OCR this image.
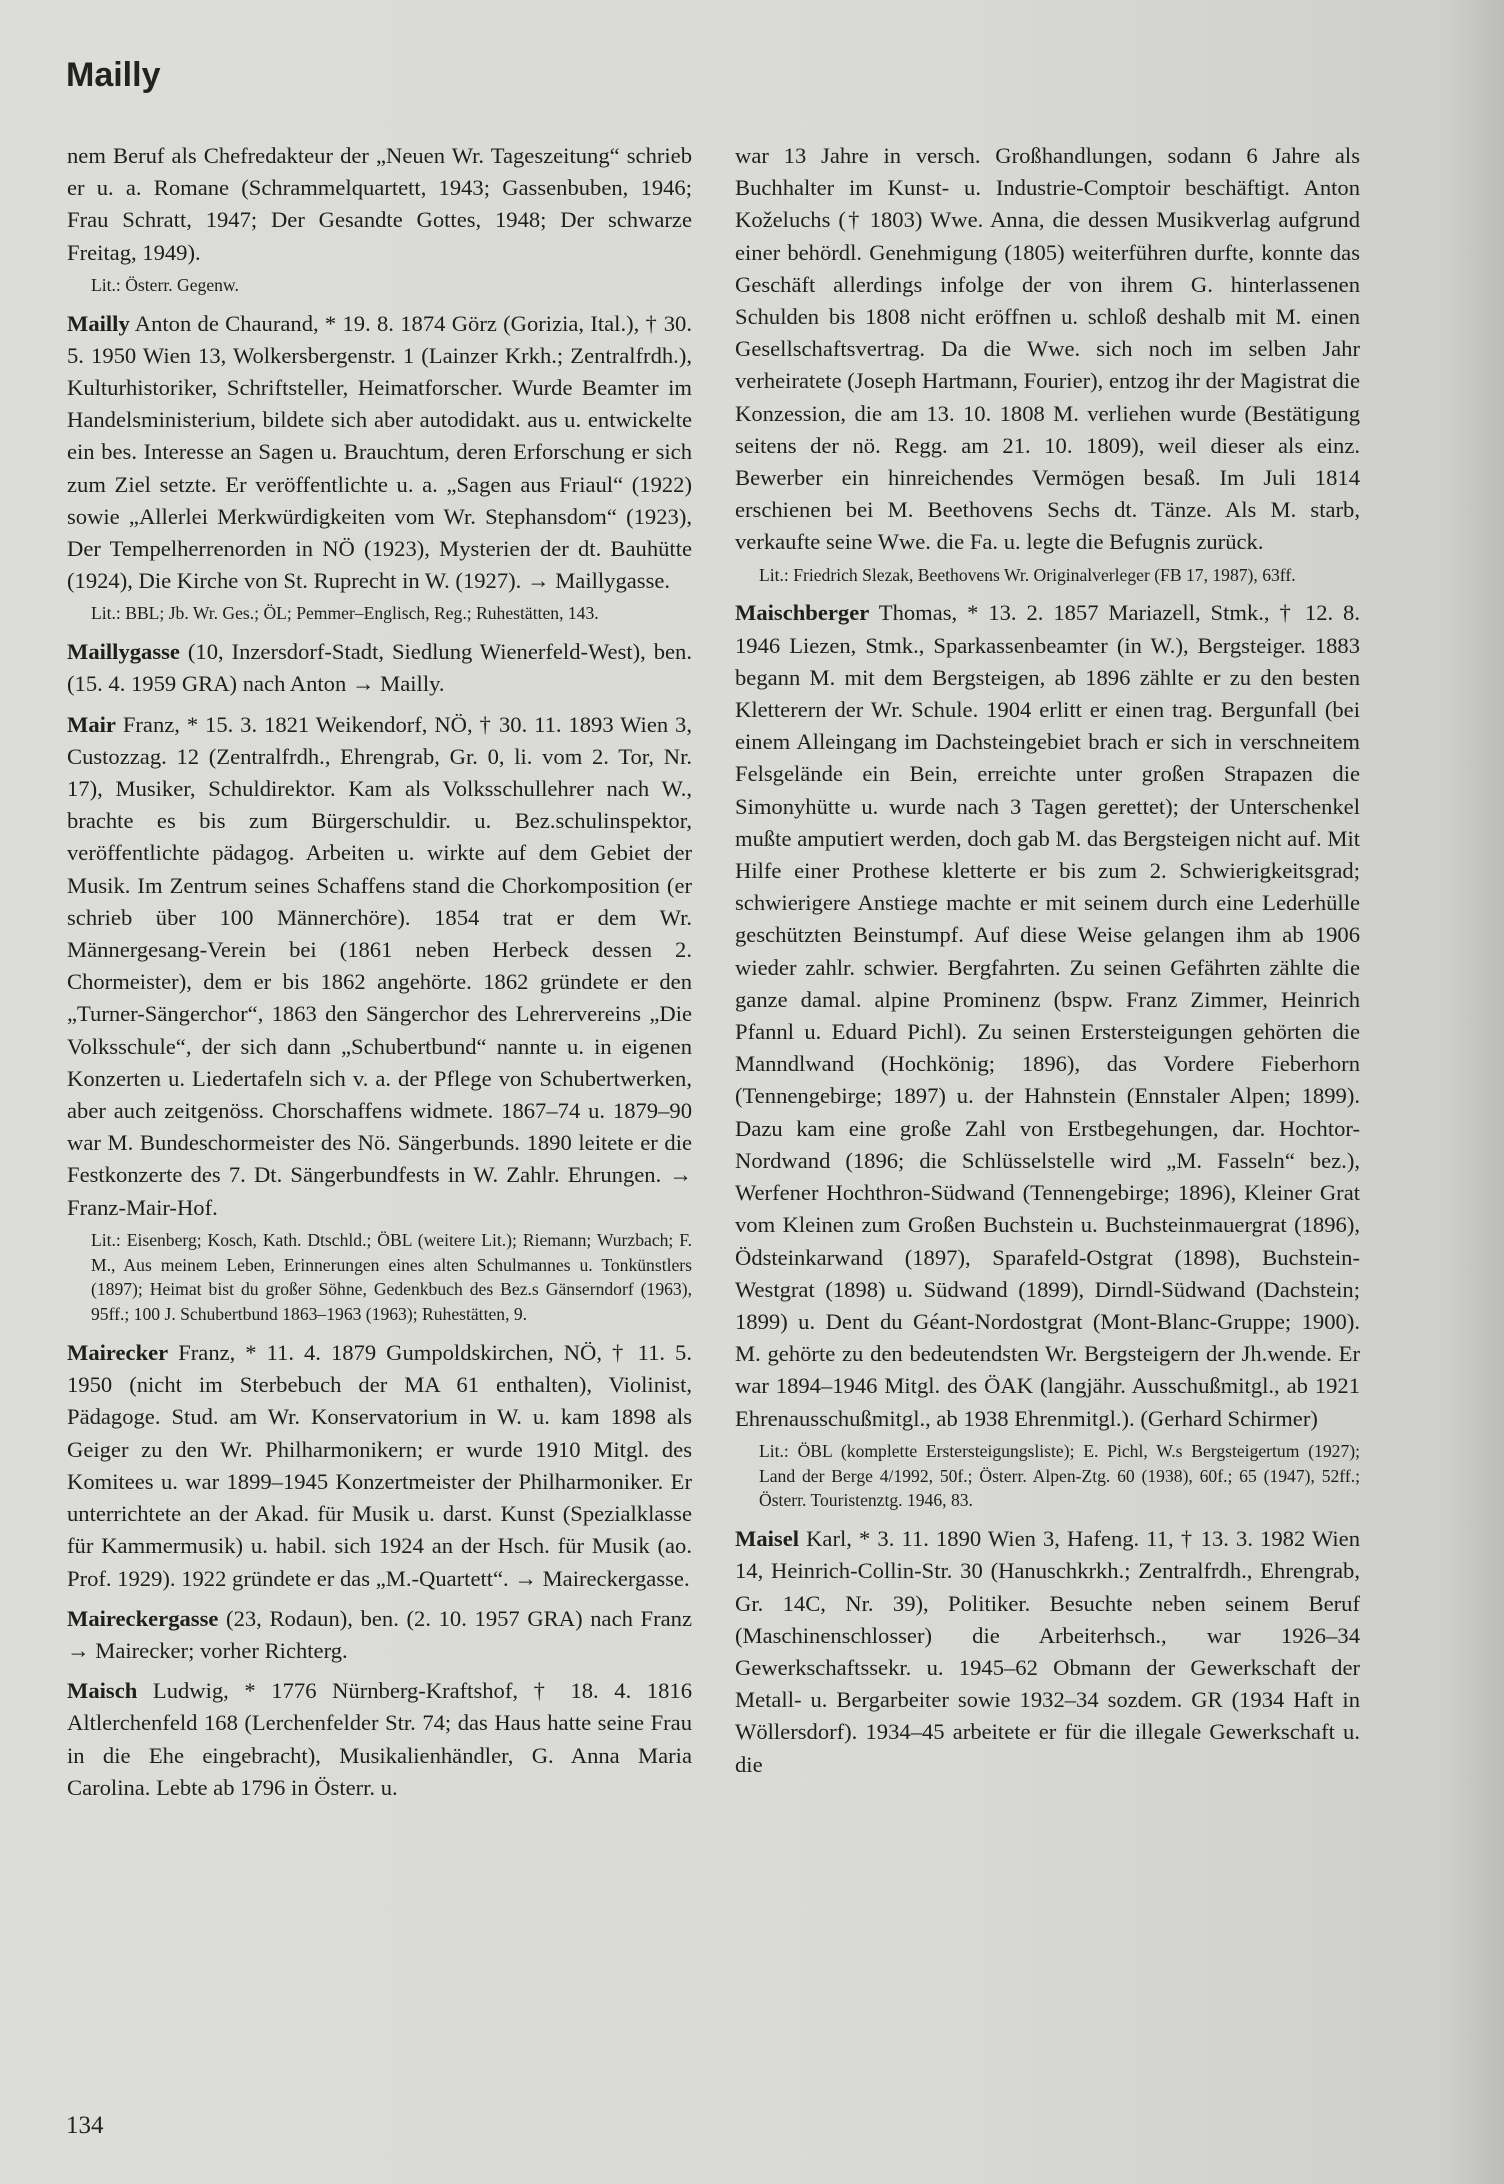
Mailly

nem Beruf als Chefredakteur der „Neuen Wr. Tageszeitung“ schrieb er u. a. Romane (Schrammelquartett, 1943; Gassenbuben, 1946; Frau Schratt, 1947; Der Gesandte Gottes, 1948; Der schwarze Freitag, 1949).

Lit.: Österr. Gegenw.

Mailly Anton de Chaurand, * 19. 8. 1874 Görz (Gorizia, Ital.), † 30. 5. 1950 Wien 13, Wolkersbergenstr. 1 (Lainzer Krkh.; Zentralfrdh.), Kulturhistoriker, Schriftsteller, Heimatforscher. Wurde Beamter im Handelsministerium, bildete sich aber autodidakt. aus u. entwickelte ein bes. Interesse an Sagen u. Brauchtum, deren Erforschung er sich zum Ziel setzte. Er veröffentlichte u. a. „Sagen aus Friaul“ (1922) sowie „Allerlei Merkwürdigkeiten vom Wr. Stephansdom“ (1923), Der Tempelherrenorden in NÖ (1923), Mysterien der dt. Bauhütte (1924), Die Kirche von St. Ruprecht in W. (1927). → Maillygasse.

Lit.: BBL; Jb. Wr. Ges.; ÖL; Pemmer–Englisch, Reg.; Ruhestätten, 143.

Maillygasse (10, Inzersdorf-Stadt, Siedlung Wienerfeld-West), ben. (15. 4. 1959 GRA) nach Anton → Mailly.

Mair Franz, * 15. 3. 1821 Weikendorf, NÖ, † 30. 11. 1893 Wien 3, Custozzag. 12 (Zentralfrdh., Ehrengrab, Gr. 0, li. vom 2. Tor, Nr. 17), Musiker, Schuldirektor. Kam als Volksschullehrer nach W., brachte es bis zum Bürgerschuldir. u. Bez.schulinspektor, veröffentlichte pädagog. Arbeiten u. wirkte auf dem Gebiet der Musik. Im Zentrum seines Schaffens stand die Chorkomposition (er schrieb über 100 Männerchöre). 1854 trat er dem Wr. Männergesang-Verein bei (1861 neben Herbeck dessen 2. Chormeister), dem er bis 1862 angehörte. 1862 gründete er den „Turner-Sängerchor“, 1863 den Sängerchor des Lehrervereins „Die Volksschule“, der sich dann „Schubertbund“ nannte u. in eigenen Konzerten u. Liedertafeln sich v. a. der Pflege von Schubertwerken, aber auch zeitgenöss. Chorschaffens widmete. 1867–74 u. 1879–90 war M. Bundeschormeister des Nö. Sängerbunds. 1890 leitete er die Festkonzerte des 7. Dt. Sängerbundfests in W. Zahlr. Ehrungen. → Franz-Mair-Hof.

Lit.: Eisenberg; Kosch, Kath. Dtschld.; ÖBL (weitere Lit.); Riemann; Wurzbach; F. M., Aus meinem Leben, Erinnerungen eines alten Schulmannes u. Tonkünstlers (1897); Heimat bist du großer Söhne, Gedenkbuch des Bez.s Gänserndorf (1963), 95ff.; 100 J. Schubertbund 1863–1963 (1963); Ruhestätten, 9.

Mairecker Franz, * 11. 4. 1879 Gumpoldskirchen, NÖ, † 11. 5. 1950 (nicht im Sterbebuch der MA 61 enthalten), Violinist, Pädagoge. Stud. am Wr. Konservatorium in W. u. kam 1898 als Geiger zu den Wr. Philharmonikern; er wurde 1910 Mitgl. des Komitees u. war 1899–1945 Konzertmeister der Philharmoniker. Er unterrichtete an der Akad. für Musik u. darst. Kunst (Spezialklasse für Kammermusik) u. habil. sich 1924 an der Hsch. für Musik (ao. Prof. 1929). 1922 gründete er das „M.-Quartett“. → Maireckergasse.

Maireckergasse (23, Rodaun), ben. (2. 10. 1957 GRA) nach Franz → Mairecker; vorher Richterg.

Maisch Ludwig, * 1776 Nürnberg-Kraftshof, † 18. 4. 1816 Altlerchenfeld 168 (Lerchenfelder Str. 74; das Haus hatte seine Frau in die Ehe eingebracht), Musikalienhändler, G. Anna Maria Carolina. Lebte ab 1796 in Österr. u.

war 13 Jahre in versch. Großhandlungen, sodann 6 Jahre als Buchhalter im Kunst- u. Industrie-Comptoir beschäftigt. Anton Koželuchs († 1803) Wwe. Anna, die dessen Musikverlag aufgrund einer behördl. Genehmigung (1805) weiterführen durfte, konnte das Geschäft allerdings infolge der von ihrem G. hinterlassenen Schulden bis 1808 nicht eröffnen u. schloß deshalb mit M. einen Gesellschaftsvertrag. Da die Wwe. sich noch im selben Jahr verheiratete (Joseph Hartmann, Fourier), entzog ihr der Magistrat die Konzession, die am 13. 10. 1808 M. verliehen wurde (Bestätigung seitens der nö. Regg. am 21. 10. 1809), weil dieser als einz. Bewerber ein hinreichendes Vermögen besaß. Im Juli 1814 erschienen bei M. Beethovens Sechs dt. Tänze. Als M. starb, verkaufte seine Wwe. die Fa. u. legte die Befugnis zurück.

Lit.: Friedrich Slezak, Beethovens Wr. Originalverleger (FB 17, 1987), 63ff.

Maischberger Thomas, * 13. 2. 1857 Mariazell, Stmk., † 12. 8. 1946 Liezen, Stmk., Sparkassenbeamter (in W.), Bergsteiger. 1883 begann M. mit dem Bergsteigen, ab 1896 zählte er zu den besten Kletterern der Wr. Schule. 1904 erlitt er einen trag. Bergunfall (bei einem Alleingang im Dachsteingebiet brach er sich in verschneitem Felsgelände ein Bein, erreichte unter großen Strapazen die Simonyhütte u. wurde nach 3 Tagen gerettet); der Unterschenkel mußte amputiert werden, doch gab M. das Bergsteigen nicht auf. Mit Hilfe einer Prothese kletterte er bis zum 2. Schwierigkeitsgrad; schwierigere Anstiege machte er mit seinem durch eine Lederhülle geschützten Beinstumpf. Auf diese Weise gelangen ihm ab 1906 wieder zahlr. schwier. Bergfahrten. Zu seinen Gefährten zählte die ganze damal. alpine Prominenz (bspw. Franz Zimmer, Heinrich Pfannl u. Eduard Pichl). Zu seinen Erstersteigungen gehörten die Manndlwand (Hochkönig; 1896), das Vordere Fieberhorn (Tennengebirge; 1897) u. der Hahnstein (Ennstaler Alpen; 1899). Dazu kam eine große Zahl von Erstbegehungen, dar. Hochtor-Nordwand (1896; die Schlüsselstelle wird „M. Fasseln“ bez.), Werfener Hochthron-Südwand (Tennengebirge; 1896), Kleiner Grat vom Kleinen zum Großen Buchstein u. Buchsteinmauergrat (1896), Ödsteinkarwand (1897), Sparafeld-Ostgrat (1898), Buchstein-Westgrat (1898) u. Südwand (1899), Dirndl-Südwand (Dachstein; 1899) u. Dent du Géant-Nordostgrat (Mont-Blanc-Gruppe; 1900). M. gehörte zu den bedeutendsten Wr. Bergsteigern der Jh.wende. Er war 1894–1946 Mitgl. des ÖAK (langjähr. Ausschußmitgl., ab 1921 Ehrenausschußmitgl., ab 1938 Ehrenmitgl.). (Gerhard Schirmer)

Lit.: ÖBL (komplette Erstersteigungsliste); E. Pichl, W.s Bergsteigertum (1927); Land der Berge 4/1992, 50f.; Österr. Alpen-Ztg. 60 (1938), 60f.; 65 (1947), 52ff.; Österr. Touristenztg. 1946, 83.

Maisel Karl, * 3. 11. 1890 Wien 3, Hafeng. 11, † 13. 3. 1982 Wien 14, Heinrich-Collin-Str. 30 (Hanuschkrkh.; Zentralfrdh., Ehrengrab, Gr. 14C, Nr. 39), Politiker. Besuchte neben seinem Beruf (Maschinenschlosser) die Arbeiterhsch., war 1926–34 Gewerkschaftssekr. u. 1945–62 Obmann der Gewerkschaft der Metall- u. Bergarbeiter sowie 1932–34 sozdem. GR (1934 Haft in Wöllersdorf). 1934–45 arbeitete er für die illegale Gewerkschaft u. die

134
